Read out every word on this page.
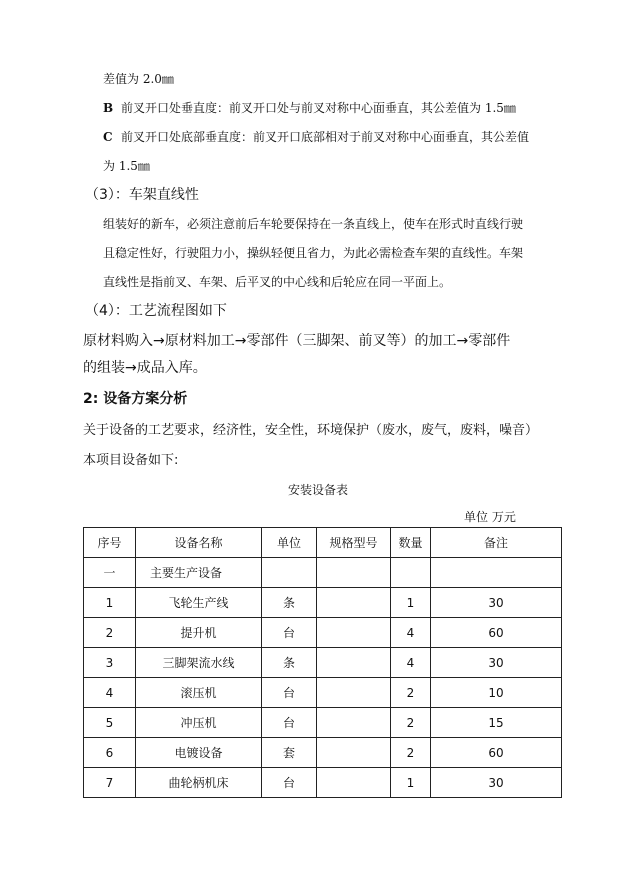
差值为 2.0㎜
B 前叉开口处垂直度：前叉开口处与前叉对称中心面垂直，其公差值为 1.5㎜
C 前叉开口处底部垂直度：前叉开口底部相对于前叉对称中心面垂直，其公差值
为 1.5㎜
（3）：车架直线性
组装好的新车，必须注意前后车轮要保持在一条直线上，使车在形式时直线行驶
且稳定性好，行驶阻力小，操纵轻便且省力，为此必需检查车架的直线性。车架
直线性是指前叉、车架、后平叉的中心线和后轮应在同一平面上。
（4）：工艺流程图如下
原材料购入→原材料加工→零部件（三脚架、前叉等）的加工→零部件
的组装→成品入库。
2: 设备方案分析
关于设备的工艺要求，经济性，安全性，环境保护（废水，废气，废料，噪音）
本项目设备如下:
安装设备表
单位 万元
序号	设备名称	单位	规格型号	数量	备注
一	主要生产设备				
1	飞轮生产线	条		1	30
2	提升机	台		4	60
3	三脚架流水线	条		4	30
4	滚压机	台		2	10
5	冲压机	台		2	15
6	电镀设备	套		2	60
7	曲轮柄机床	台		1	30
